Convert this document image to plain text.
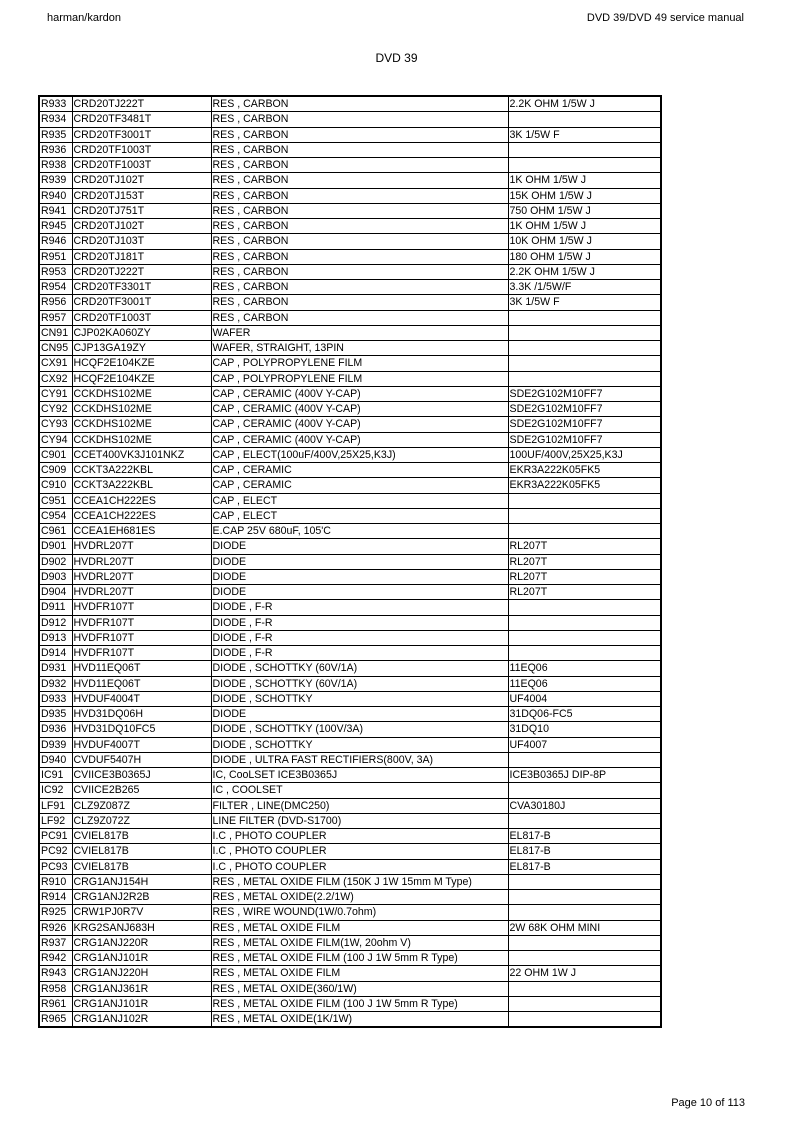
harman/kardon	DVD 39/DVD 49 service manual
DVD 39
R933	CRD20TJ222T	RES , CARBON	2.2K OHM 1/5W J
R934	CRD20TF3481T	RES , CARBON	
R935	CRD20TF3001T	RES , CARBON	3K 1/5W F
R936	CRD20TF1003T	RES , CARBON	
R938	CRD20TF1003T	RES , CARBON	
R939	CRD20TJ102T	RES , CARBON	1K OHM 1/5W J
R940	CRD20TJ153T	RES , CARBON	15K OHM 1/5W J
R941	CRD20TJ751T	RES , CARBON	750 OHM 1/5W J
R945	CRD20TJ102T	RES , CARBON	1K OHM 1/5W J
R946	CRD20TJ103T	RES , CARBON	10K OHM 1/5W J
R951	CRD20TJ181T	RES , CARBON	180 OHM 1/5W J
R953	CRD20TJ222T	RES , CARBON	2.2K OHM 1/5W J
R954	CRD20TF3301T	RES , CARBON	3.3K /1/5W/F
R956	CRD20TF3001T	RES , CARBON	3K 1/5W F
R957	CRD20TF1003T	RES , CARBON	
CN91	CJP02KA060ZY	WAFER	
CN95	CJP13GA19ZY	WAFER, STRAIGHT, 13PIN	
CX91	HCQF2E104KZE	CAP , POLYPROPYLENE FILM	
CX92	HCQF2E104KZE	CAP , POLYPROPYLENE FILM	
CY91	CCKDHS102ME	CAP , CERAMIC (400V Y-CAP)	SDE2G102M10FF7
CY92	CCKDHS102ME	CAP , CERAMIC (400V Y-CAP)	SDE2G102M10FF7
CY93	CCKDHS102ME	CAP , CERAMIC (400V Y-CAP)	SDE2G102M10FF7
CY94	CCKDHS102ME	CAP , CERAMIC (400V Y-CAP)	SDE2G102M10FF7
C901	CCET400VK3J101NKZ	CAP , ELECT(100uF/400V,25X25,K3J)	100UF/400V,25X25,K3J
C909	CCKT3A222KBL	CAP , CERAMIC	EKR3A222K05FK5
C910	CCKT3A222KBL	CAP , CERAMIC	EKR3A222K05FK5
C951	CCEA1CH222ES	CAP , ELECT	
C954	CCEA1CH222ES	CAP , ELECT	
C961	CCEA1EH681ES	E.CAP 25V 680uF, 105'C	
D901	HVDRL207T	DIODE	RL207T
D902	HVDRL207T	DIODE	RL207T
D903	HVDRL207T	DIODE	RL207T
D904	HVDRL207T	DIODE	RL207T
D911	HVDFR107T	DIODE , F-R	
D912	HVDFR107T	DIODE , F-R	
D913	HVDFR107T	DIODE , F-R	
D914	HVDFR107T	DIODE , F-R	
D931	HVD11EQ06T	DIODE , SCHOTTKY (60V/1A)	11EQ06
D932	HVD11EQ06T	DIODE , SCHOTTKY (60V/1A)	11EQ06
D933	HVDUF4004T	DIODE , SCHOTTKY	UF4004
D935	HVD31DQ06H	DIODE	31DQ06-FC5
D936	HVD31DQ10FC5	DIODE , SCHOTTKY (100V/3A)	31DQ10
D939	HVDUF4007T	DIODE , SCHOTTKY	UF4007
D940	CVDUF5407H	DIODE , ULTRA FAST RECTIFIERS(800V, 3A)	
IC91	CVIICE3B0365J	IC, CooLSET ICE3B0365J	ICE3B0365J DIP-8P
IC92	CVIICE2B265	IC , COOLSET	
LF91	CLZ9Z087Z	FILTER , LINE(DMC250)	CVA30180J
LF92	CLZ9Z072Z	LINE FILTER (DVD-S1700)	
PC91	CVIEL817B	I.C , PHOTO COUPLER	EL817-B
PC92	CVIEL817B	I.C , PHOTO COUPLER	EL817-B
PC93	CVIEL817B	I.C , PHOTO COUPLER	EL817-B
R910	CRG1ANJ154H	RES , METAL OXIDE FILM (150K J 1W 15mm M Type)	
R914	CRG1ANJ2R2B	RES , METAL OXIDE(2.2/1W)	
R925	CRW1PJ0R7V	RES , WIRE WOUND(1W/0.7ohm)	
R926	KRG2SANJ683H	RES , METAL OXIDE FILM	2W 68K OHM MINI
R937	CRG1ANJ220R	RES , METAL OXIDE FILM(1W, 20ohm V)	
R942	CRG1ANJ101R	RES , METAL OXIDE FILM (100 J 1W 5mm R Type)	
R943	CRG1ANJ220H	RES , METAL OXIDE FILM	22 OHM 1W J
R958	CRG1ANJ361R	RES , METAL OXIDE(360/1W)	
R961	CRG1ANJ101R	RES , METAL OXIDE FILM (100 J 1W 5mm R Type)	
R965	CRG1ANJ102R	RES , METAL OXIDE(1K/1W)	
Page 10 of 113
